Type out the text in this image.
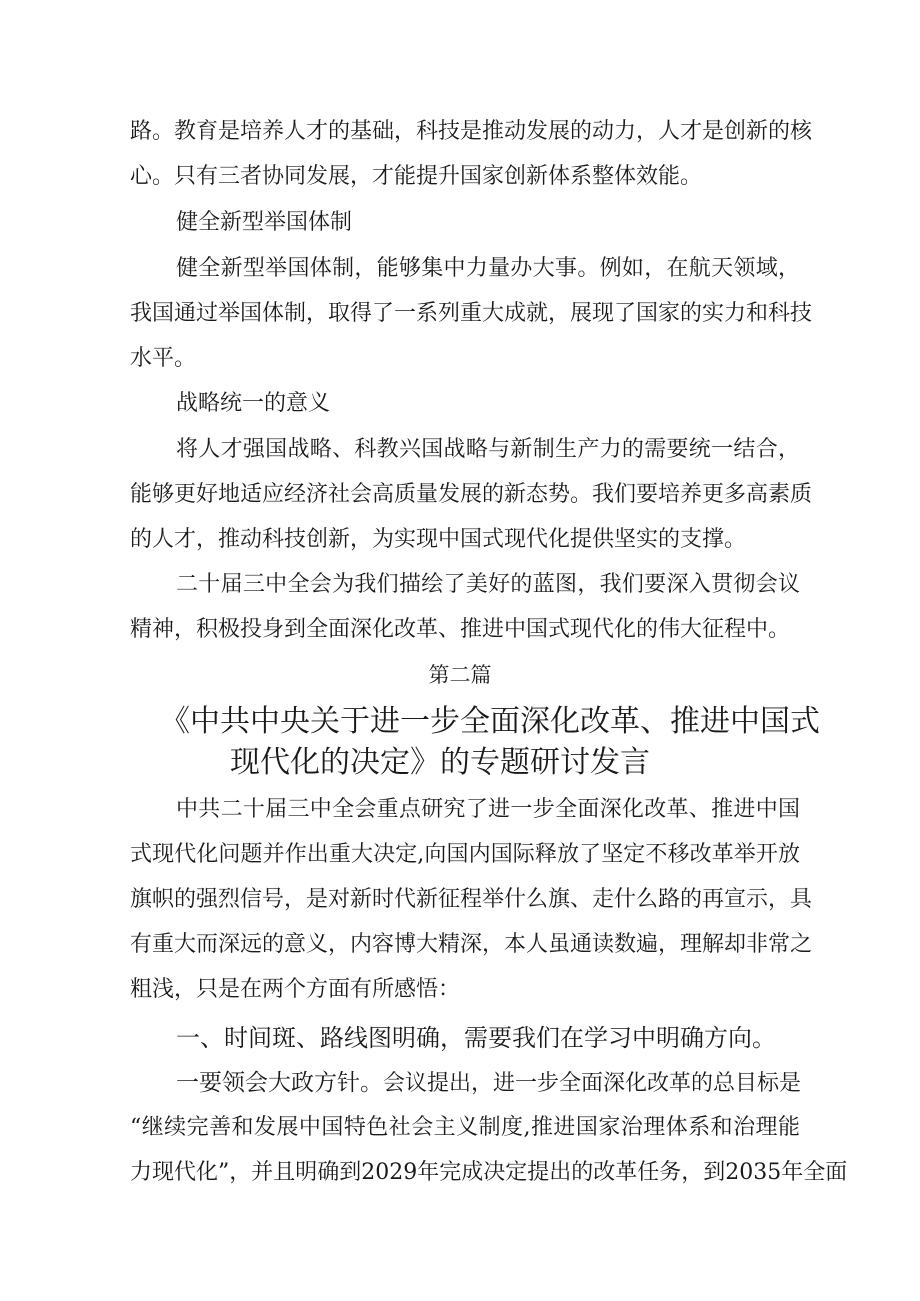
路。教育是培养人才的基础，科技是推动发展的动力，人才是创新的核
心。只有三者协同发展，才能提升国家创新体系整体效能。
健全新型举国体制
健全新型举国体制，能够集中力量办大事。例如，在航天领域，
我国通过举国体制，取得了一系列重大成就，展现了国家的实力和科技
水平。
战略统一的意义
将人才强国战略、科教兴国战略与新制生产力的需要统一结合，
能够更好地适应经济社会高质量发展的新态势。我们要培养更多高素质
的人才，推动科技创新，为实现中国式现代化提供坚实的支撑。
二十届三中全会为我们描绘了美好的蓝图，我们要深入贯彻会议
精神，积极投身到全面深化改革、推进中国式现代化的伟大征程中。
第二篇
《中共中央关于进一步全面深化改革、推进中国式
现代化的决定》的专题研讨发言
中共二十届三中全会重点研究了进一步全面深化改革、推进中国
式现代化问题并作出重大决定,向国内国际释放了坚定不移改革举开放
旗帜的强烈信号，是对新时代新征程举什么旗、走什么路的再宣示，具
有重大而深远的意义，内容博大精深，本人虽通读数遍，理解却非常之
粗浅，只是在两个方面有所感悟：
一、时间斑、路线图明确，需要我们在学习中明确方向。
一要领会大政方针。会议提出，进一步全面深化改革的总目标是
“继续完善和发展中国特色社会主义制度,推进国家治理体系和治理能
力现代化”，并且明确到2029年完成决定提出的改革任务，到2035年全面
